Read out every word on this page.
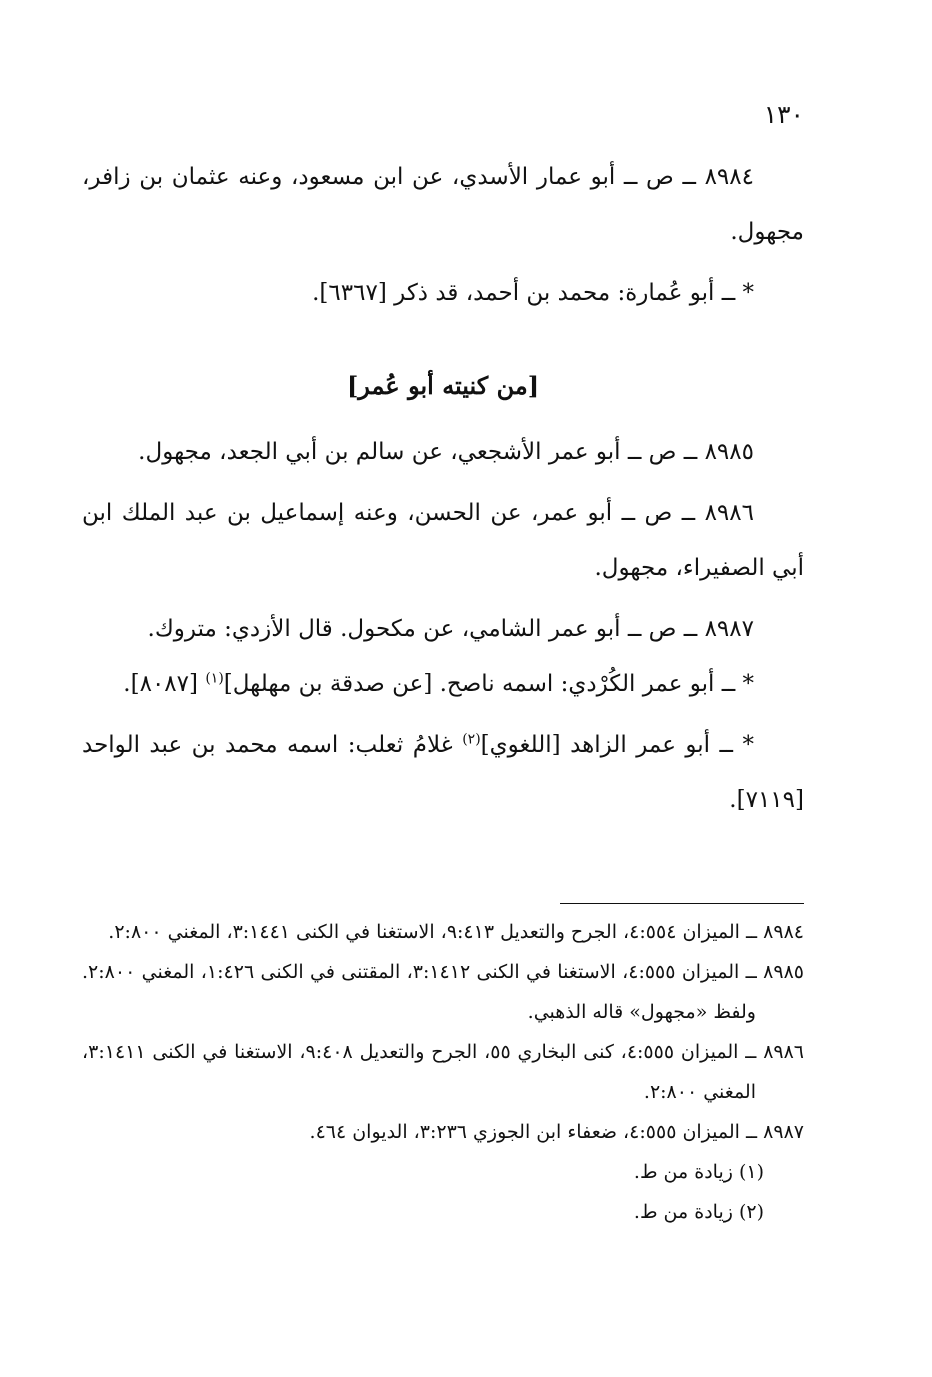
١٣٠

٨٩٨٤ ــ ص ــ أبو عمار الأسدي، عن ابن مسعود، وعنه عثمان بن زافر، مجهول.

* ــ أبو عُمارة: محمد بن أحمد، قد ذكر [٦٣٦٧].

[من كنيته أبو عُمر]

٨٩٨٥ ــ ص ــ أبو عمر الأشجعي، عن سالم بن أبي الجعد، مجهول.

٨٩٨٦ ــ ص ــ أبو عمر، عن الحسن، وعنه إسماعيل بن عبد الملك ابن أبي الصفيراء، مجهول.

٨٩٨٧ ــ ص ــ أبو عمر الشامي، عن مكحول. قال الأزدي: متروك.

* ــ أبو عمر الكُرْدي: اسمه ناصح. [عن صدقة بن مهلهل]$^{(١)}$ [٨٠٨٧].

* ــ أبو عمر الزاهد [اللغوي]$^{(٢)}$ غلامُ ثعلب: اسمه محمد بن عبد الواحد [٧١١٩].

٨٩٨٤ ــ الميزان ٤:٥٥٤، الجرح والتعديل ٩:٤١٣، الاستغنا في الكنى ٣:١٤٤١، المغني ٢:٨٠٠.

٨٩٨٥ ــ الميزان ٤:٥٥٥، الاستغنا في الكنى ٣:١٤١٢، المقتنى في الكنى ١:٤٢٦، المغني ٢:٨٠٠. ولفظ «مجهول» قاله الذهبي.

٨٩٨٦ ــ الميزان ٤:٥٥٥، كنى البخاري ٥٥، الجرح والتعديل ٩:٤٠٨، الاستغنا في الكنى ٣:١٤١١، المغني ٢:٨٠٠.

٨٩٨٧ ــ الميزان ٤:٥٥٥، ضعفاء ابن الجوزي ٣:٢٣٦، الديوان ٤٦٤.

(١) زيادة من ط.

(٢) زيادة من ط.
